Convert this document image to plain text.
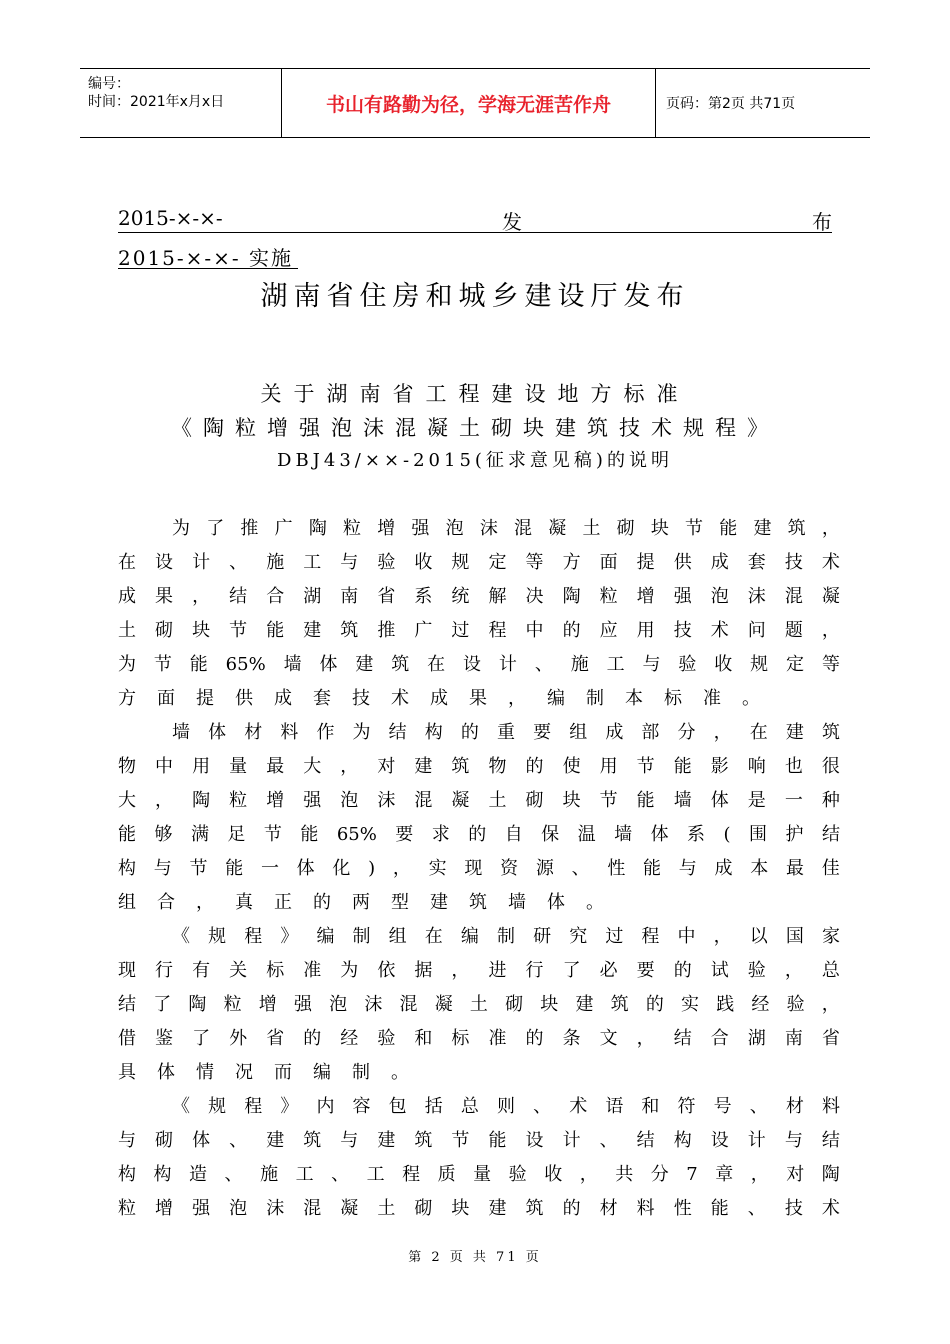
编号：
时间：2021年x月x日	书山有路勤为径，学海无涯苦作舟	页码：第2页 共71页
2015-×-×-	发	布
2015-×-×- 实施
湖南省住房和城乡建设厅发布
关于湖南省工程建设地方标准
《陶粒增强泡沫混凝土砌块建筑技术规程》
DBJ43/××-2015(征求意见稿)的说明
为 了 推 广 陶 粒 增 强 泡 沫 混 凝 土 砌 块 节 能 建 筑 ，
在 设 计 、 施 工 与 验 收 规 定 等 方 面 提 供 成 套 技 术
成 果 ， 结 合 湖 南 省 系 统 解 决 陶 粒 增 强 泡 沫 混 凝
土 砌 块 节 能 建 筑 推 广 过 程 中 的 应 用 技 术 问 题 ，
为 节 能 65% 墙 体 建 筑 在 设 计 、 施 工 与 验 收 规 定 等
方 面 提 供 成 套 技 术 成 果 ， 编 制 本 标 准 。
墙 体 材 料 作 为 结 构 的 重 要 组 成 部 分 ， 在 建 筑
物 中 用 量 最 大 ， 对 建 筑 物 的 使 用 节 能 影 响 也 很
大 ， 陶 粒 增 强 泡 沫 混 凝 土 砌 块 节 能 墙 体 是 一 种
能 够 满 足 节 能 65% 要 求 的 自 保 温 墙 体 系 ( 围 护 结
构 与 节 能 一 体 化 ) ， 实 现 资 源 、 性 能 与 成 本 最 佳
组 合 ， 真 正 的 两 型 建 筑 墙 体 。
《 规 程 》 编 制 组 在 编 制 研 究 过 程 中 ， 以 国 家
现 行 有 关 标 准 为 依 据 ， 进 行 了 必 要 的 试 验 ， 总
结 了 陶 粒 增 强 泡 沫 混 凝 土 砌 块 建 筑 的 实 践 经 验 ，
借 鉴 了 外 省 的 经 验 和 标 准 的 条 文 ， 结 合 湖 南 省
具 体 情 况 而 编 制 。
《 规 程 》 内 容 包 括 总 则 、 术 语 和 符 号 、 材 料
与 砌 体 、 建 筑 与 建 筑 节 能 设 计 、 结 构 设 计 与 结
构 构 造 、 施 工 、 工 程 质 量 验 收 ， 共 分 7 章 ， 对 陶
粒 增 强 泡 沫 混 凝 土 砌 块 建 筑 的 材 料 性 能 、 技 术
第 2 页 共 71 页
